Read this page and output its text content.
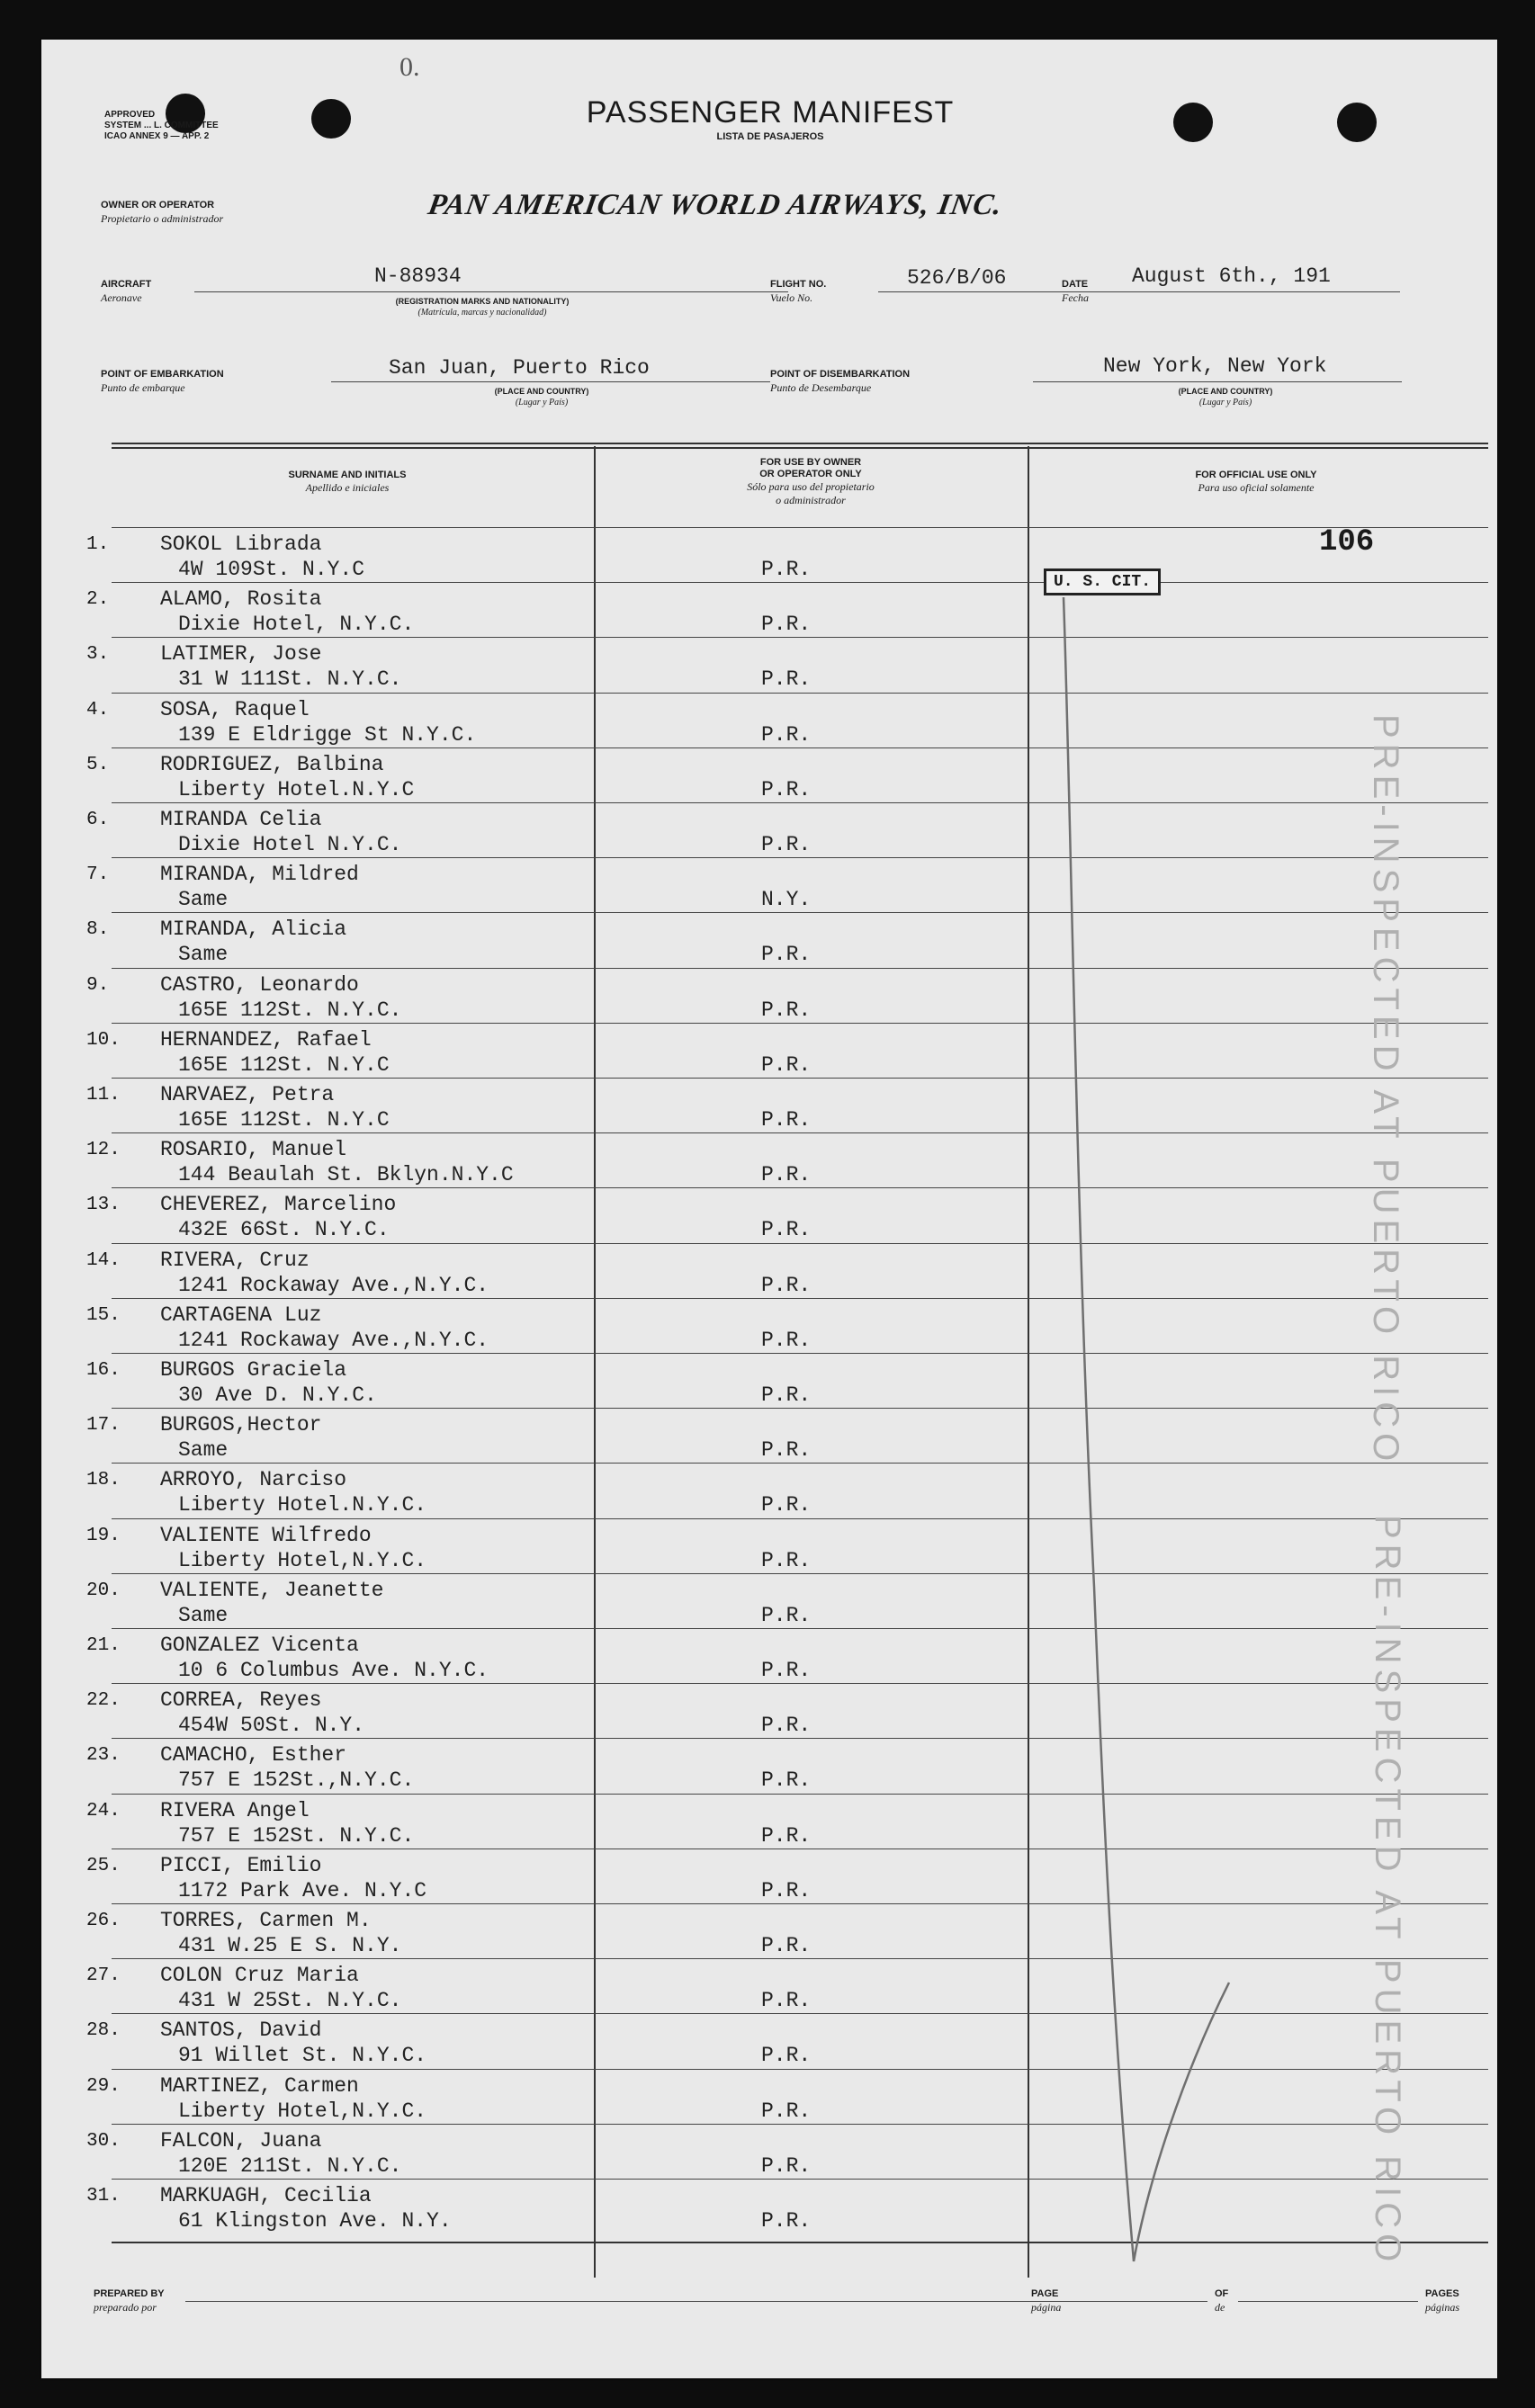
0.
APPROVED
SYSTEM ... L. COMMITTEE
ICAO ANNEX 9 — APP. 2
PASSENGER MANIFEST
LISTA DE PASAJEROS
OWNER OR OPERATOR
Propietario o administrador	PAN AMERICAN WORLD AIRWAYS, INC.
AIRCRAFT
Aeronave
N-88934
(REGISTRATION MARKS AND NATIONALITY)
(Matrícula, marcas y nacionalidad)
FLIGHT NO.
Vuelo No.
526/B/06	DATE
Fecha
August 6th., 191
POINT OF EMBARKATION
Punto de embarque
San Juan, Puerto Rico
(PLACE AND COUNTRY)
(Lugar y País)
POINT OF DISEMBARKATION
Punto de Desembarque
New York, New York
(PLACE AND COUNTRY)
(Lugar y País)
SURNAME AND INITIALS
Apellido e iniciales
FOR USE BY OWNER
OR OPERATOR ONLY
Sólo para uso del propietario
o administrador
FOR OFFICIAL USE ONLY
Para uso oficial solamente
1.	SOKOL Librada
4W 109St. N.Y.C	P.R.
2.	ALAMO, Rosita
Dixie Hotel, N.Y.C.	P.R.
3.	LATIMER, Jose
31 W 111St. N.Y.C.	P.R.
4.	SOSA, Raquel
139 E Eldrigge St N.Y.C.	P.R.
5.	RODRIGUEZ, Balbina
Liberty Hotel.N.Y.C	P.R.
6.	MIRANDA Celia
Dixie Hotel N.Y.C.	P.R.
7.	MIRANDA, Mildred
Same	N.Y.
8.	MIRANDA, Alicia
Same	P.R.
9.	CASTRO, Leonardo
165E 112St. N.Y.C.	P.R.
10.	HERNANDEZ, Rafael
165E 112St. N.Y.C	P.R.
11.	NARVAEZ, Petra
165E 112St. N.Y.C	P.R.
12.	ROSARIO, Manuel
144 Beaulah St. Bklyn.N.Y.C	P.R.
13.	CHEVEREZ, Marcelino
432E 66St. N.Y.C.	P.R.
14.	RIVERA, Cruz
1241 Rockaway Ave.,N.Y.C.	P.R.
15.	CARTAGENA Luz
1241 Rockaway Ave.,N.Y.C.	P.R.
16.	BURGOS Graciela
30 Ave D. N.Y.C.	P.R.
17.	BURGOS,Hector
Same	P.R.
18.	ARROYO, Narciso
Liberty Hotel.N.Y.C.	P.R.
19.	VALIENTE Wilfredo
Liberty Hotel,N.Y.C.	P.R.
20.	VALIENTE, Jeanette
Same	P.R.
21.	GONZALEZ Vicenta
10 6 Columbus Ave. N.Y.C.	P.R.
22.	CORREA, Reyes
454W 50St. N.Y.	P.R.
23.	CAMACHO, Esther
757 E 152St.,N.Y.C.	P.R.
24.	RIVERA Angel
757 E 152St. N.Y.C.	P.R.
25.	PICCI, Emilio
1172 Park Ave. N.Y.C	P.R.
26.	TORRES, Carmen M.
431 W.25 E S. N.Y.	P.R.
27.	COLON Cruz Maria
431 W 25St. N.Y.C.	P.R.
28.	SANTOS, David
91 Willet St. N.Y.C.	P.R.
29.	MARTINEZ, Carmen
Liberty Hotel,N.Y.C.	P.R.
30.	FALCON, Juana
120E 211St. N.Y.C.	P.R.
31.	MARKUAGH, Cecilia
61 Klingston Ave. N.Y.	P.R.
106
U. S. CIT.
PRE-INSPECTED AT PUERTO RICO
PRE-INSPECTED AT PUERTO RICO
PREPARED BY
preparado por
PAGE
página
OF
de
PAGES
páginas
